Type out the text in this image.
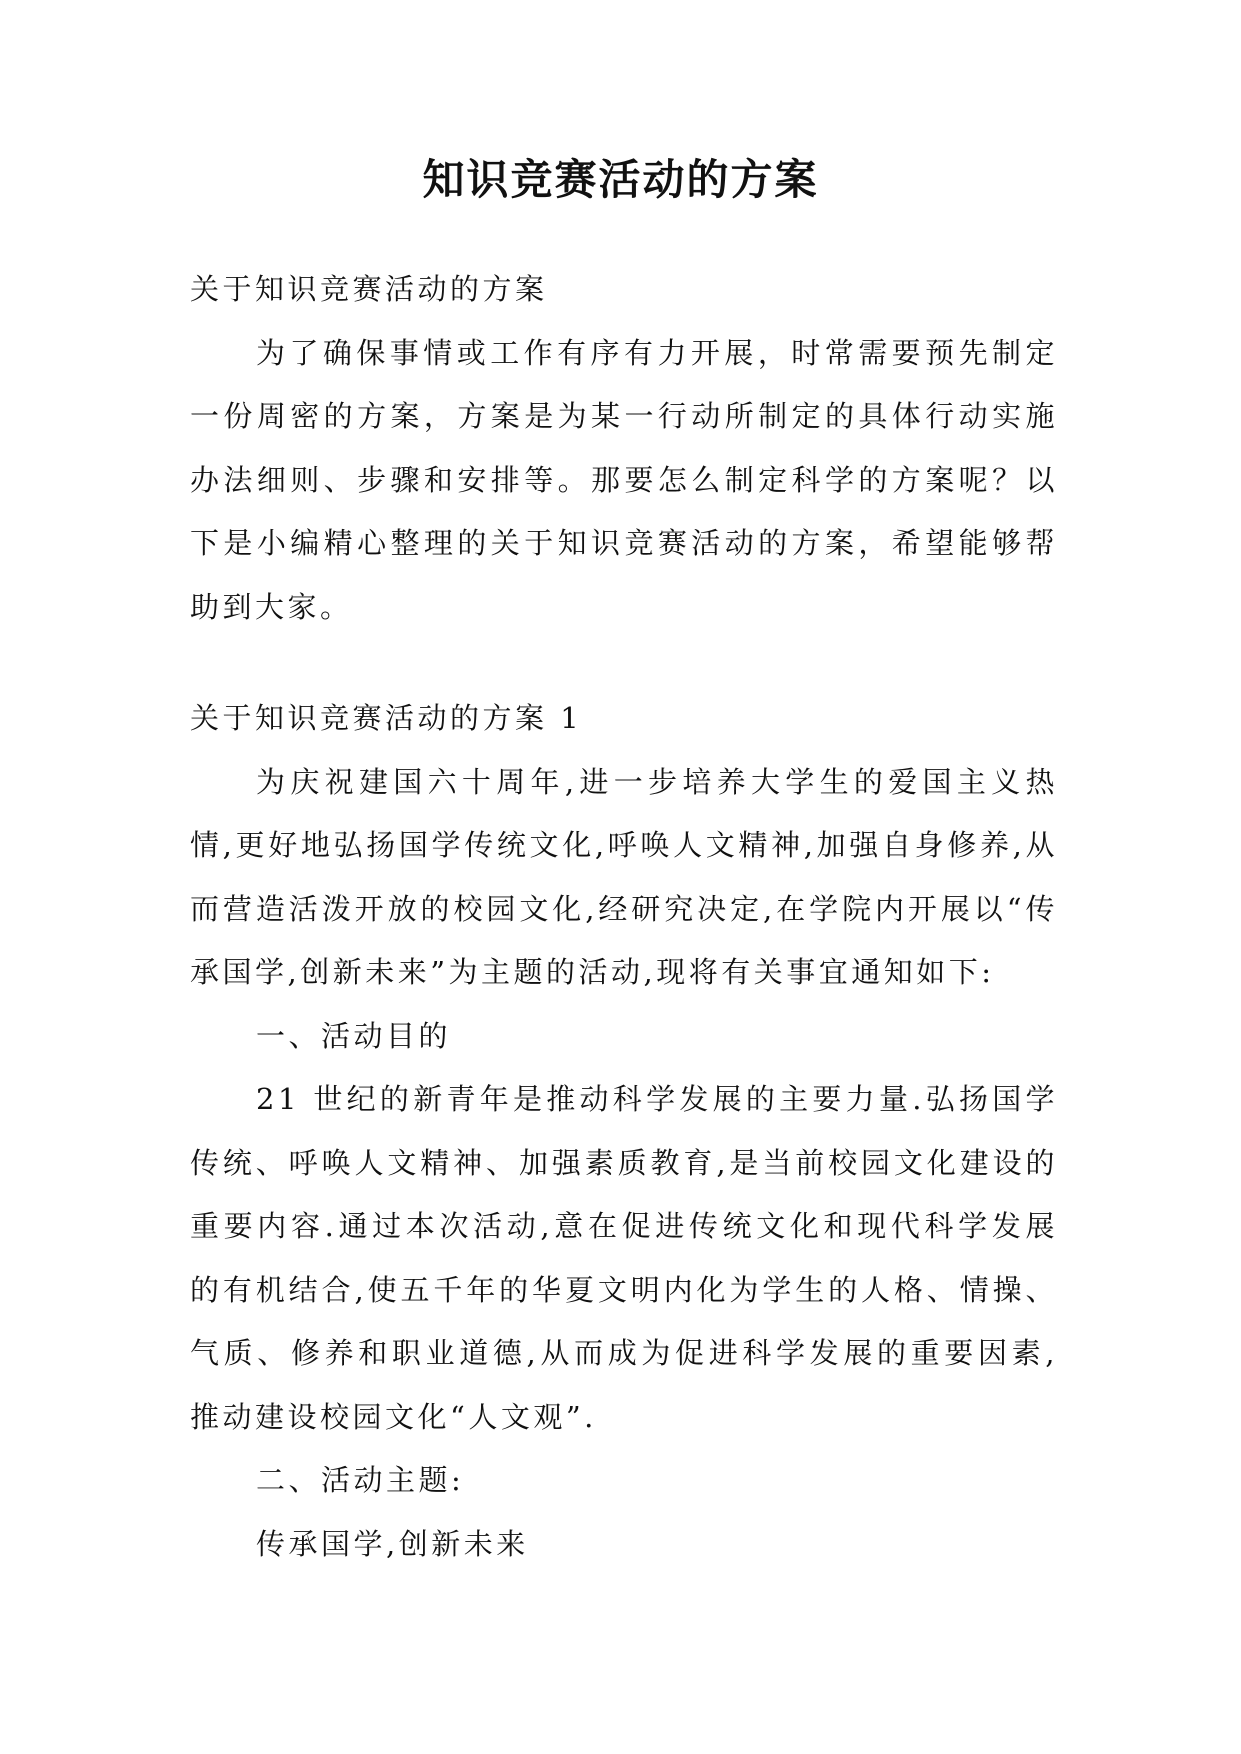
知识竞赛活动的方案

关于知识竞赛活动的方案

为了确保事情或工作有序有力开展，时常需要预先制定一份周密的方案，方案是为某一行动所制定的具体行动实施办法细则、步骤和安排等。那要怎么制定科学的方案呢？以下是小编精心整理的关于知识竞赛活动的方案，希望能够帮助到大家。

关于知识竞赛活动的方案 1

为庆祝建国六十周年,进一步培养大学生的爱国主义热情,更好地弘扬国学传统文化,呼唤人文精神,加强自身修养,从而营造活泼开放的校园文化,经研究决定,在学院内开展以“传承国学,创新未来”为主题的活动,现将有关事宜通知如下:

一、活动目的

21 世纪的新青年是推动科学发展的主要力量.弘扬国学传统、呼唤人文精神、加强素质教育,是当前校园文化建设的重要内容.通过本次活动,意在促进传统文化和现代科学发展的有机结合,使五千年的华夏文明内化为学生的人格、情操、气质、修养和职业道德,从而成为促进科学发展的重要因素,推动建设校园文化“人文观”.

二、活动主题:

传承国学,创新未来
